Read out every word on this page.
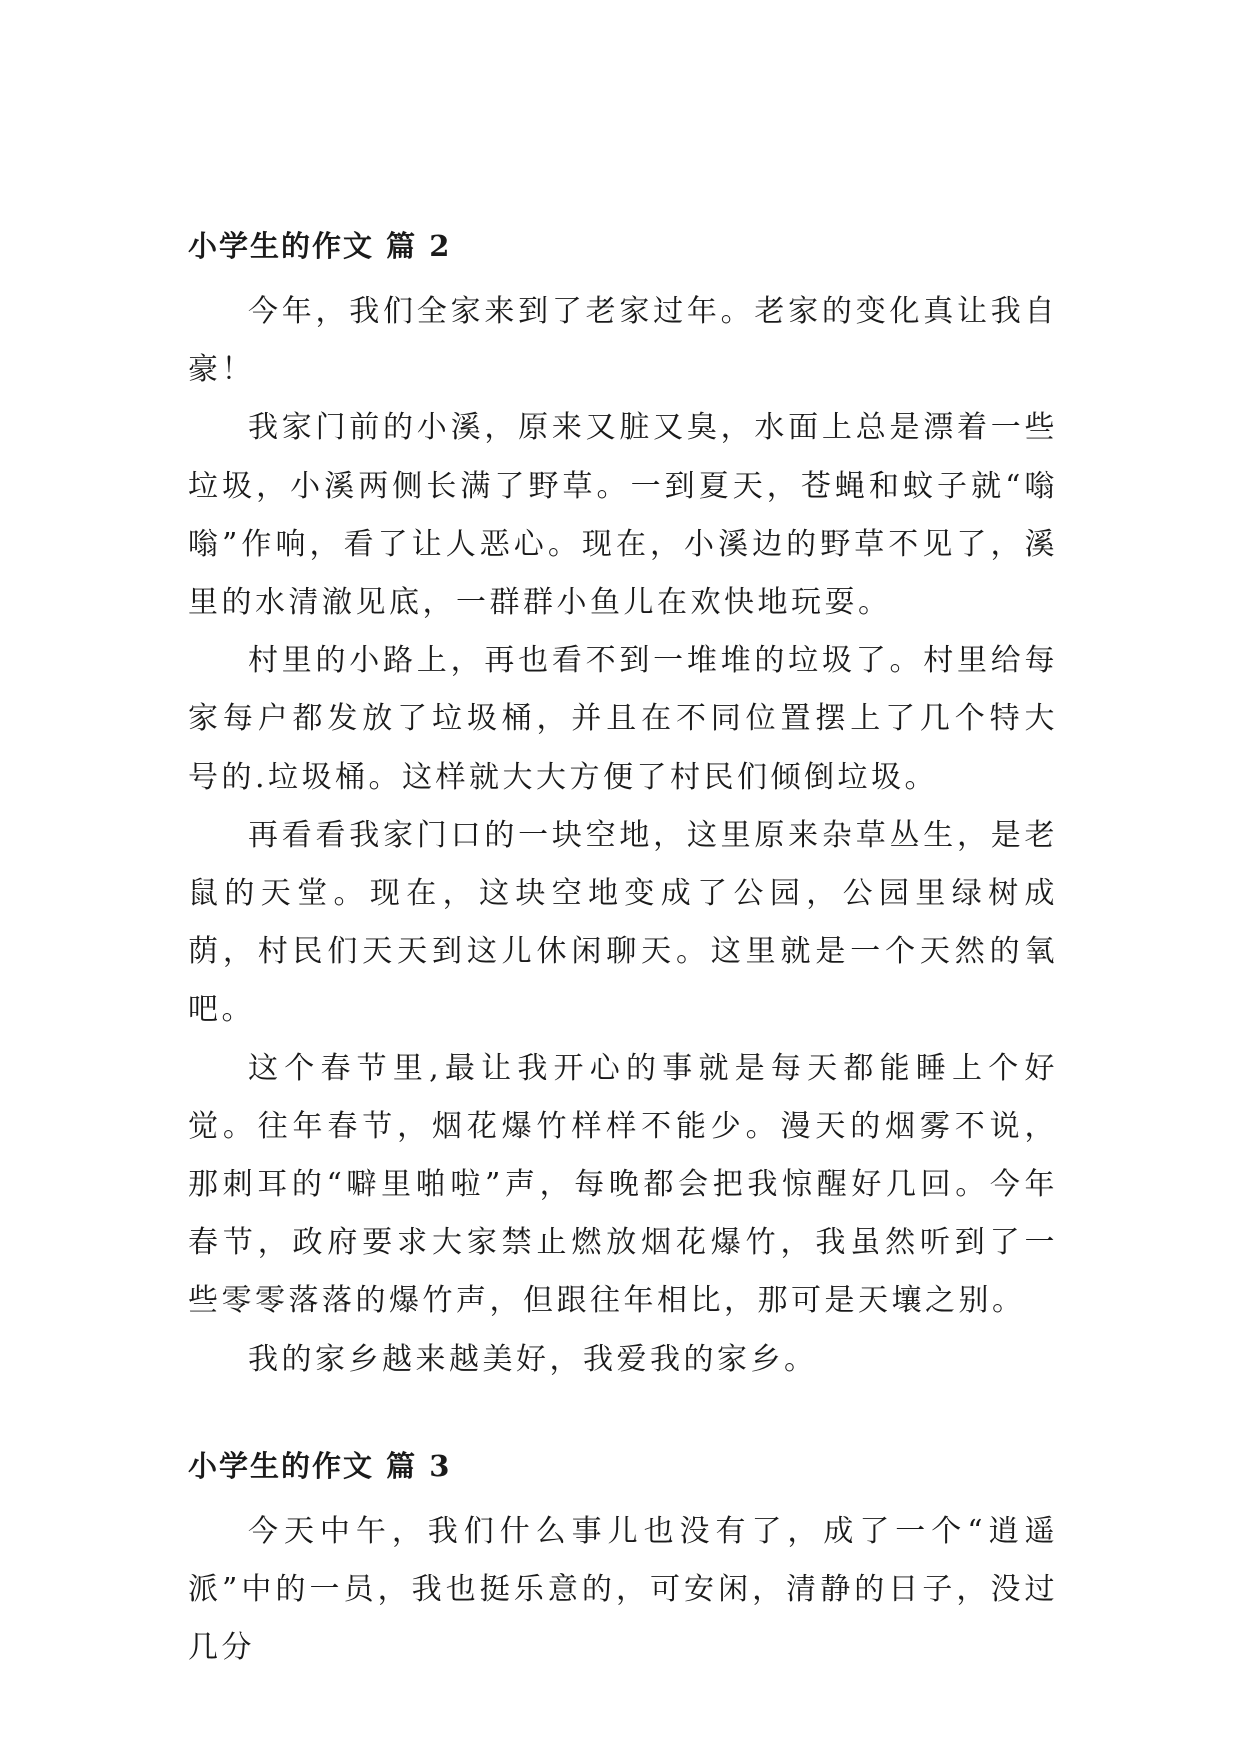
小学生的作文 篇 2

今年，我们全家来到了老家过年。老家的变化真让我自豪！

我家门前的小溪，原来又脏又臭，水面上总是漂着一些垃圾，小溪两侧长满了野草。一到夏天，苍蝇和蚊子就“嗡嗡”作响，看了让人恶心。现在，小溪边的野草不见了，溪里的水清澈见底，一群群小鱼儿在欢快地玩耍。

村里的小路上，再也看不到一堆堆的垃圾了。村里给每家每户都发放了垃圾桶，并且在不同位置摆上了几个特大号的.垃圾桶。这样就大大方便了村民们倾倒垃圾。

再看看我家门口的一块空地，这里原来杂草丛生，是老鼠的天堂。现在，这块空地变成了公园，公园里绿树成荫，村民们天天到这儿休闲聊天。这里就是一个天然的氧吧。

这个春节里,最让我开心的事就是每天都能睡上个好觉。往年春节，烟花爆竹样样不能少。漫天的烟雾不说，那刺耳的“噼里啪啦”声，每晚都会把我惊醒好几回。今年春节，政府要求大家禁止燃放烟花爆竹，我虽然听到了一些零零落落的爆竹声，但跟往年相比，那可是天壤之别。

我的家乡越来越美好，我爱我的家乡。

小学生的作文 篇 3

今天中午，我们什么事儿也没有了，成了一个“逍遥派”中的一员，我也挺乐意的，可安闲，清静的日子，没过几分
